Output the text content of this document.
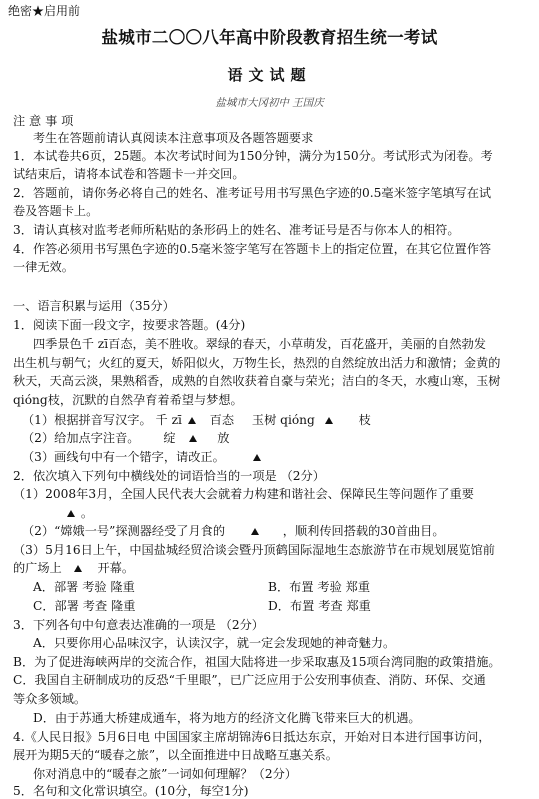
绝密★启用前
盐城市二〇〇八年高中阶段教育招生统一考试
语文试题
盐城市大冈初中 王国庆
注 意 事 项
考生在答题前请认真阅读本注意事项及各题答题要求
1．本试卷共6页，25题。本次考试时间为150分钟，满分为150分。考试形式为闭卷。考
试结束后，请将本试卷和答题卡一并交回。
2．答题前，请你务必将自己的姓名、准考证号用书写黑色字迹的0.5毫米签字笔填写在试
卷及答题卡上。
3．请认真核对监考老师所粘贴的条形码上的姓名、准考证号是否与你本人的相符。
4．作答必须用书写黑色字迹的0.5毫米签字笔写在答题卡上的指定位置，在其它位置作答
一律无效。
一、语言积累与运用（35分）
1．阅读下面一段文字，按要求答题。(4分)
四季景色千 zī百态，美不胜收。翠绿的春天，小草萌发，百花盛开，美丽的自然勃发
出生机与朝气；火红的夏天，娇阳似火，万物生长，热烈的自然绽放出活力和激情；金黄的
秋天，天高云淡，果熟稻香，成熟的自然收获着自豪与荣光；洁白的冬天，水瘦山寒，玉树
qióng枝，沉默的自然孕育着希望与梦想。
（1）根据拼音写汉字。 千 zī 百态 玉树 qióng	枝
（2）给加点字注音。 绽	放
（3）画线句中有一个错字，请改正。
2．依次填入下列句中横线处的词语恰当的一项是 （2分）
（1）2008年3月，全国人民代表大会就着力构建和谐社会、保障民生等问题作了重要
。
（2）“嫦娥一号”探测器经受了月食的	，顺利传回搭载的30首曲目。
（3）5月16日上午，中国盐城经贸洽谈会暨丹顶鹤国际湿地生态旅游节在市规划展览馆前
的广场上	开幕。
A．部署 考验 隆重	B．布置 考验 郑重
C．部署 考查 隆重	D．布置 考查 郑重
3．下列各句中句意表达准确的一项是 （2分）
A．只要你用心品味汉字，认读汉字，就一定会发现她的神奇魅力。
B．为了促进海峡两岸的交流合作，祖国大陆将进一步采取惠及15项台湾同胞的政策措施。
C．我国自主研制成功的反恐“千里眼”，已广泛应用于公安刑事侦查、消防、环保、交通
等众多领域。
D．由于苏通大桥建成通车，将为地方的经济文化腾飞带来巨大的机遇。
4.《人民日报》5月6日电 中国国家主席胡锦涛6日抵达东京，开始对日本进行国事访问，
展开为期5天的“暖春之旅”，以全面推进中日战略互惠关系。
你对消息中的“暖春之旅”一词如何理解？（2分）
5．名句和文化常识填空。(10分，每空1分)
